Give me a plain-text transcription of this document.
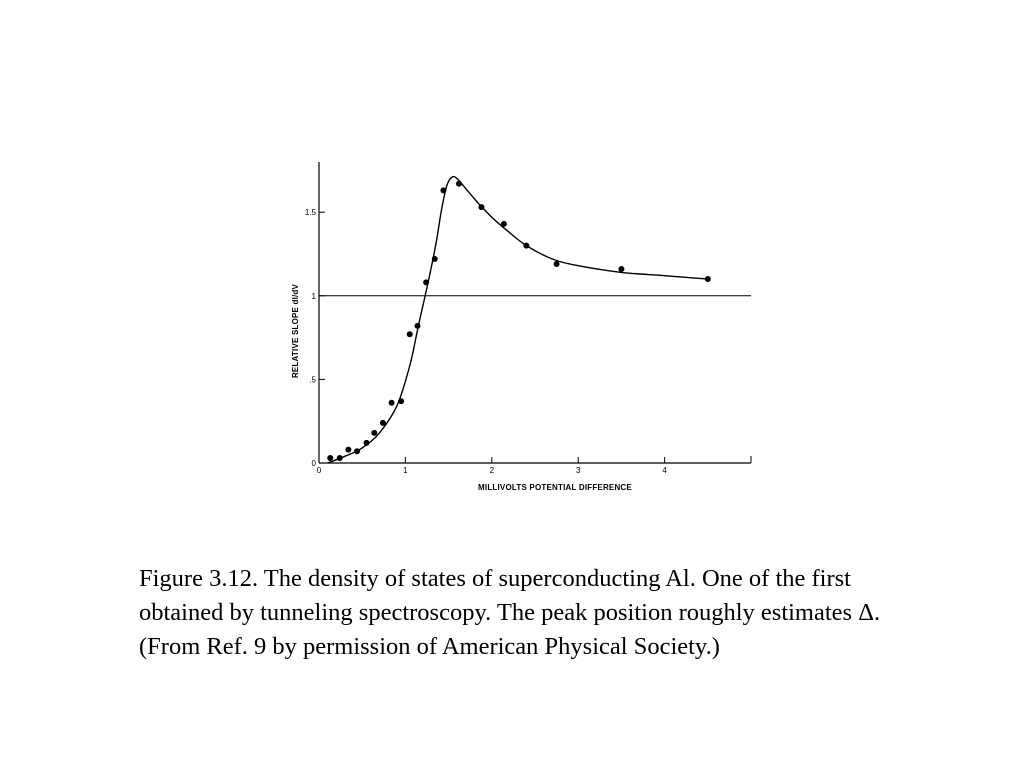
0	1	2	3	4
0
.5
1
1.5
MILLIVOLTS POTENTIAL DIFFERENCE
RELATIVE SLOPE dI/dV

Figure 3.12. The density of states of superconducting Al. One of the first obtained by tunneling spectroscopy. The peak position roughly estimates Δ. (From Ref. 9 by permission of American Physical Society.)
